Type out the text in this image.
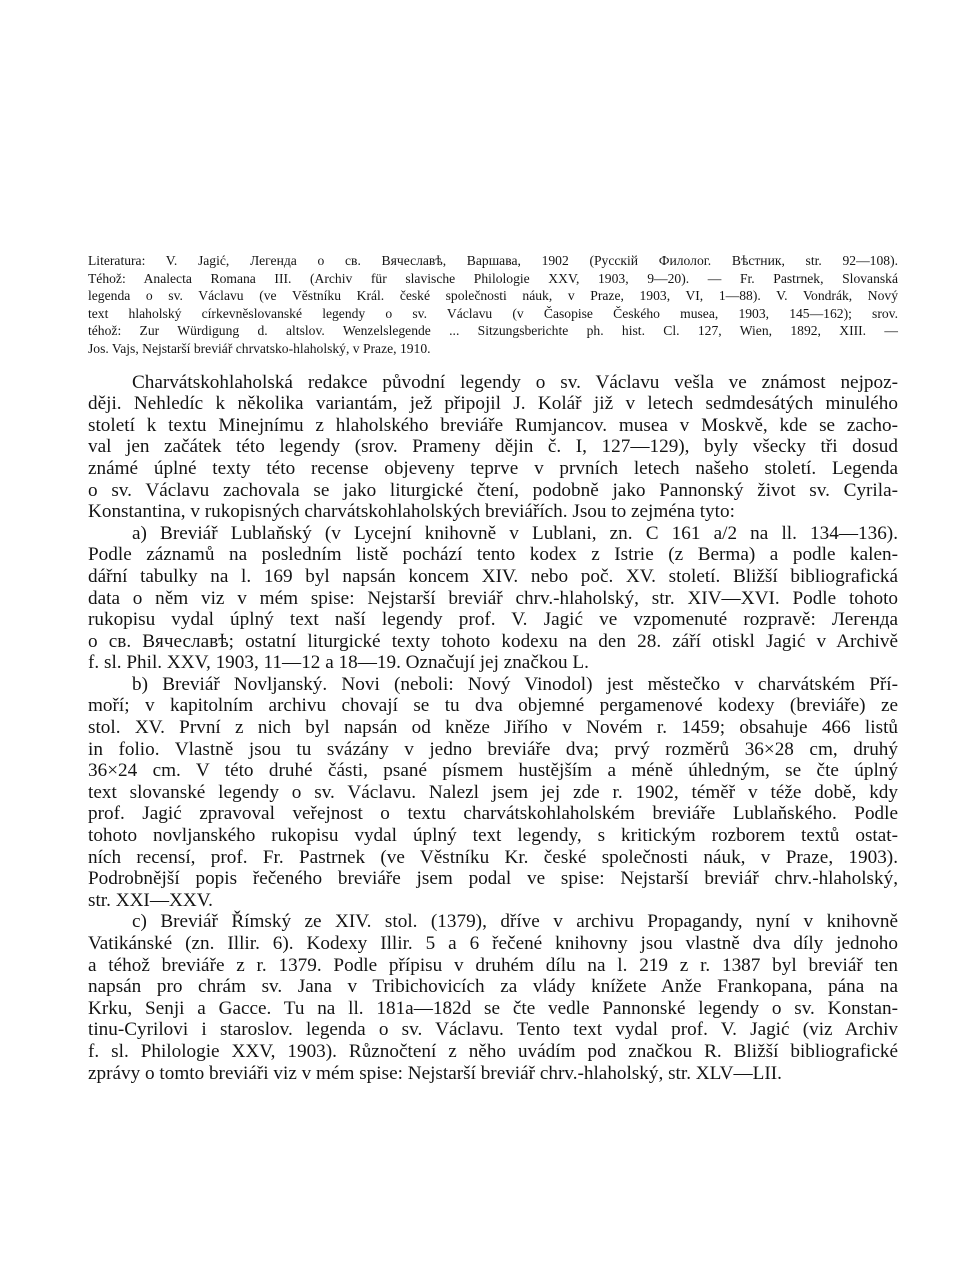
Literatura: V. Jagić, Легенда о св. Вячеславѣ, Варшава, 1902 (Русскій Филолог. Вѣстник, str. 92—108).
Téhož: Analecta Romana III. (Archiv für slavische Philologie XXV, 1903, 9—20). — Fr. Pastrnek, Slovanská
legenda o sv. Václavu (ve Věstníku Král. české společnosti náuk, v Praze, 1903, VI, 1—88). V. Vondrák, Nový
text hlaholský církevněslovanské legendy o sv. Václavu (v Časopise Českého musea, 1903, 145—162); srov.
téhož: Zur Würdigung d. altslov. Wenzelslegende ... Sitzungsberichte ph. hist. Cl. 127, Wien, 1892, XIII. —
Jos. Vajs, Nejstarší breviář chrvatsko-hlaholský, v Praze, 1910.
Charvátskohlaholská redakce původní legendy o sv. Václavu vešla ve známost nejpoz-
ději. Nehledíc k několika variantám, jež připojil J. Kolář již v letech sedmdesátých minulého
století k textu Minejnímu z hlaholského breviáře Rumjancov. musea v Moskvě, kde se zacho-
val jen začátek této legendy (srov. Prameny dějin č. I, 127—129), byly všecky tři dosud
známé úplné texty této recense objeveny teprve v prvních letech našeho století. Legenda
o sv. Václavu zachovala se jako liturgické čtení, podobně jako Pannonský život sv. Cyrila-
Konstantina, v rukopisných charvátskohlaholských breviářích. Jsou to zejména tyto:
a) Breviář Lublaňský (v Lycejní knihovně v Lublani, zn. C 161 a/2 na ll. 134—136).
Podle záznamů na posledním listě pochází tento kodex z Istrie (z Berma) a podle kalen-
dářní tabulky na l. 169 byl napsán koncem XIV. nebo poč. XV. století. Bližší bibliografická
data o něm viz v mém spise: Nejstarší breviář chrv.-hlaholský, str. XIV—XVI. Podle tohoto
rukopisu vydal úplný text naší legendy prof. V. Jagić ve vzpomenuté rozpravě: Легенда
о св. Вячеславѣ; ostatní liturgické texty tohoto kodexu na den 28. září otiskl Jagić v Archivě
f. sl. Phil. XXV, 1903, 11—12 a 18—19. Označují jej značkou L.
b) Breviář Novljanský. Novi (neboli: Nový Vinodol) jest městečko v charvátském Pří-
moří; v kapitolním archivu chovají se tu dva objemné pergamenové kodexy (breviáře) ze
stol. XV. První z nich byl napsán od kněze Jiřího v Novém r. 1459; obsahuje 466 listů
in folio. Vlastně jsou tu svázány v jedno breviáře dva; prvý rozměrů 36×28 cm, druhý
36×24 cm. V této druhé části, psané písmem hustějším a méně úhledným, se čte úplný
text slovanské legendy o sv. Václavu. Nalezl jsem jej zde r. 1902, téměř v téže době, kdy
prof. Jagić zpravoval veřejnost o textu charvátskohlaholském breviáře Lublaňského. Podle
tohoto novljanského rukopisu vydal úplný text legendy, s kritickým rozborem textů ostat-
ních recensí, prof. Fr. Pastrnek (ve Věstníku Kr. české společnosti náuk, v Praze, 1903).
Podrobnější popis řečeného breviáře jsem podal ve spise: Nejstarší breviář chrv.-hlaholský,
str. XXI—XXV.
c) Breviář Římský ze XIV. stol. (1379), dříve v archivu Propagandy, nyní v knihovně
Vatikánské (zn. Illir. 6). Kodexy Illir. 5 a 6 řečené knihovny jsou vlastně dva díly jednoho
a téhož breviáře z r. 1379. Podle přípisu v druhém dílu na l. 219 z r. 1387 byl breviář ten
napsán pro chrám sv. Jana v Tribichovicích za vlády knížete Anže Frankopana, pána na
Krku, Senji a Gacce. Tu na ll. 181a—182d se čte vedle Pannonské legendy o sv. Konstan-
tinu-Cyrilovi i staroslov. legenda o sv. Václavu. Tento text vydal prof. V. Jagić (viz Archiv
f. sl. Philologie XXV, 1903). Různočtení z něho uvádím pod značkou R. Bližší bibliografické
zprávy o tomto breviáři viz v mém spise: Nejstarší breviář chrv.-hlaholský, str. XLV—LII.
